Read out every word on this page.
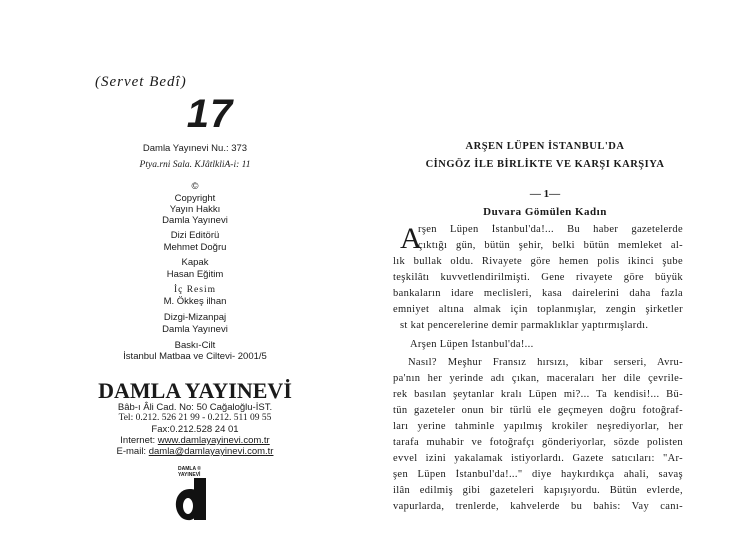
(Servet Bedî)
17
Damla Yayınevi Nu.: 373
Ptya.rni Sala. KJâtlkliA-i: 11
©
Copyright
Yayın Hakkı
Damla Yayınevi
Dizi Editörü
Mehmet Doğru
Kapak
Hasan Eğitim
İç Resim
M. Ökkeş ilhan
Dizgi-Mizanpaj
Damla Yayınevi
Baskı-Cilt
İstanbul Matbaa ve Ciltevi- 2001/5
DAMLA YAYINEVİ
Bâb-ı Âli Cad. No: 50 Cağaloğlu-İST.
Tel: 0.212. 526 21 99 - 0.212. 511 09 55
Fax:0.212.528 24 01
Internet: www.damlayayinevi.com.tr
E-mail: damla@damlayayinevi.com.tr
DAMLA ®
YAYINEVİ
ARŞEN LÜPEN İSTANBUL'DA
CİNGÖZ İLE BİRLİKTE VE KARŞI KARŞIYA
— 1—
Duvara Gömülen Kadın
A
rşen Lüpen İstanbul'da!... Bu haber gazetelerde
çıktığı gün, bütün şehir, belki bütün memleket al-
lık bullak oldu. Rivayete göre hemen polis ikinci şube
teşkilâtı kuvvetlendirilmişti. Gene rivayete göre büyük
bankaların idare meclisleri, kasa dairelerini daha fazla
emniyet altına almak için toplanmışlar, zengin şirketler
st kat pencerelerine demir parmaklıklar yaptırmışlardı.
Arşen Lüpen İstanbul'da!...
Nasıl? Meşhur Fransız hırsızı, kibar serseri, Avru-
pa'nın her yerinde adı çıkan, maceraları her dile çevrile-
rek basılan şeytanlar kralı Lüpen mi?... Ta kendisi!... Bü-
tün gazeteler onun bir türlü ele geçmeyen doğru fotoğraf-
ları yerine tahminle yapılmış krokiler neşrediyorlar, her
tarafa muhabir ve fotoğrafçı gönderiyorlar, sözde polisten
evvel izini yakalamak istiyorlardı. Gazete satıcıları: "Ar-
şen Lüpen İstanbul'da!..." diye haykırdıkça ahali, savaş
ilân edilmiş gibi gazeteleri kapışıyordu. Bütün evlerde,
vapurlarda, trenlerde, kahvelerde bu bahis: Vay canı-
